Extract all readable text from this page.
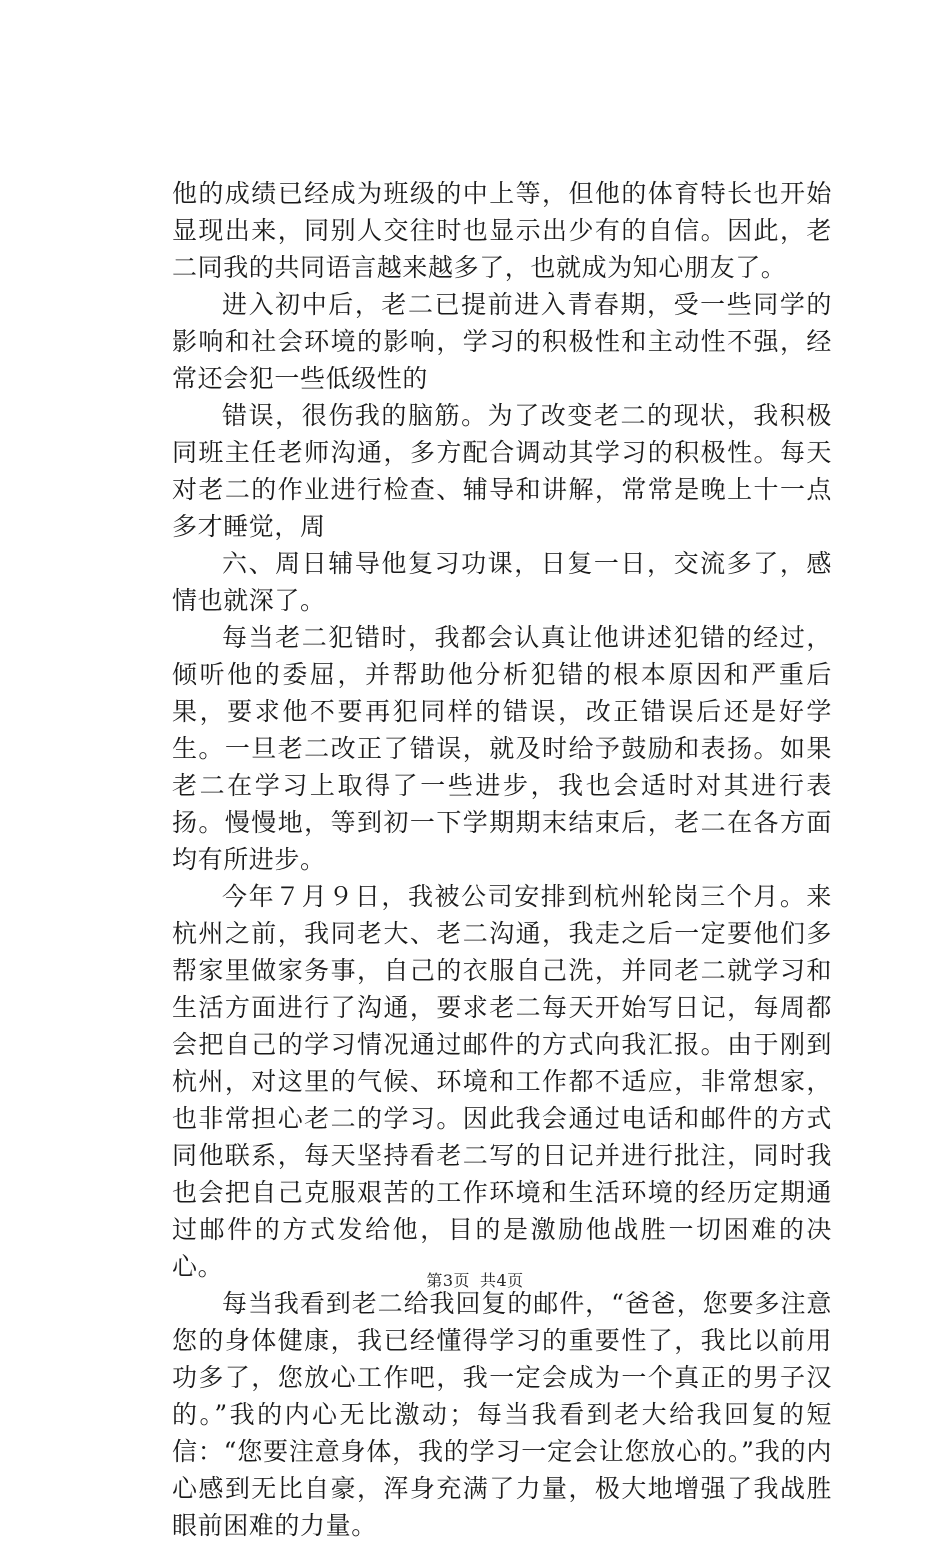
他的成绩已经成为班级的中上等，但他的体育特长也开始显现出来，同别人交往时也显示出少有的自信。因此，老二同我的共同语言越来越多了，也就成为知心朋友了。

进入初中后，老二已提前进入青春期，受一些同学的影响和社会环境的影响，学习的积极性和主动性不强，经常还会犯一些低级性的

错误，很伤我的脑筋。为了改变老二的现状，我积极同班主任老师沟通，多方配合调动其学习的积极性。每天对老二的作业进行检查、辅导和讲解，常常是晚上十一点多才睡觉，周

六、周日辅导他复习功课，日复一日，交流多了，感情也就深了。

每当老二犯错时，我都会认真让他讲述犯错的经过，倾听他的委屈，并帮助他分析犯错的根本原因和严重后果，要求他不要再犯同样的错误，改正错误后还是好学生。一旦老二改正了错误，就及时给予鼓励和表扬。如果老二在学习上取得了一些进步，我也会适时对其进行表扬。慢慢地，等到初一下学期期末结束后，老二在各方面均有所进步。

今年７月９日，我被公司安排到杭州轮岗三个月。来杭州之前，我同老大、老二沟通，我走之后一定要他们多帮家里做家务事，自己的衣服自己洗，并同老二就学习和生活方面进行了沟通，要求老二每天开始写日记，每周都会把自己的学习情况通过邮件的方式向我汇报。由于刚到杭州，对这里的气候、环境和工作都不适应，非常想家，也非常担心老二的学习。因此我会通过电话和邮件的方式同他联系，每天坚持看老二写的日记并进行批注，同时我也会把自己克服艰苦的工作环境和生活环境的经历定期通过邮件的方式发给他，目的是激励他战胜一切困难的决心。

每当我看到老二给我回复的邮件，“爸爸，您要多注意您的身体健康，我已经懂得学习的重要性了，我比以前用功多了，您放心工作吧，我一定会成为一个真正的男子汉的。”我的内心无比激动；每当我看到老大给我回复的短信：“您要注意身体，我的学习一定会让您放心的。”我的内心感到无比自豪，浑身充满了力量，极大地增强了我战胜眼前困难的力量。

第3页 共4页
